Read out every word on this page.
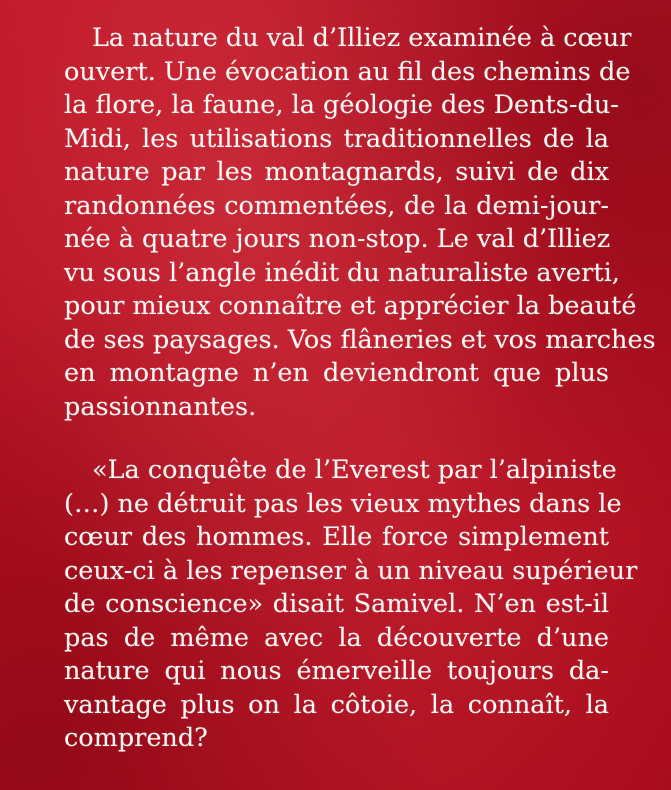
La nature du val d’Illiez examinée à cœur
ouvert. Une évocation au fil des chemins de
la flore, la faune, la géologie des Dents-du-
Midi, les utilisations traditionnelles de la
nature par les montagnards, suivi de dix
randonnées commentées, de la demi-jour-
née à quatre jours non-stop. Le val d’Illiez
vu sous l’angle inédit du naturaliste averti,
pour mieux connaître et apprécier la beauté
de ses paysages. Vos flâneries et vos marches
en montagne n’en deviendront que plus
passionnantes.
«La conquête de l’Everest par l’alpiniste
(…) ne détruit pas les vieux mythes dans le
cœur des hommes. Elle force simplement
ceux-ci à les repenser à un niveau supérieur
de conscience» disait Samivel. N’en est-il
pas de même avec la découverte d’une
nature qui nous émerveille toujours da-
vantage plus on la côtoie, la connaît, la
comprend?
